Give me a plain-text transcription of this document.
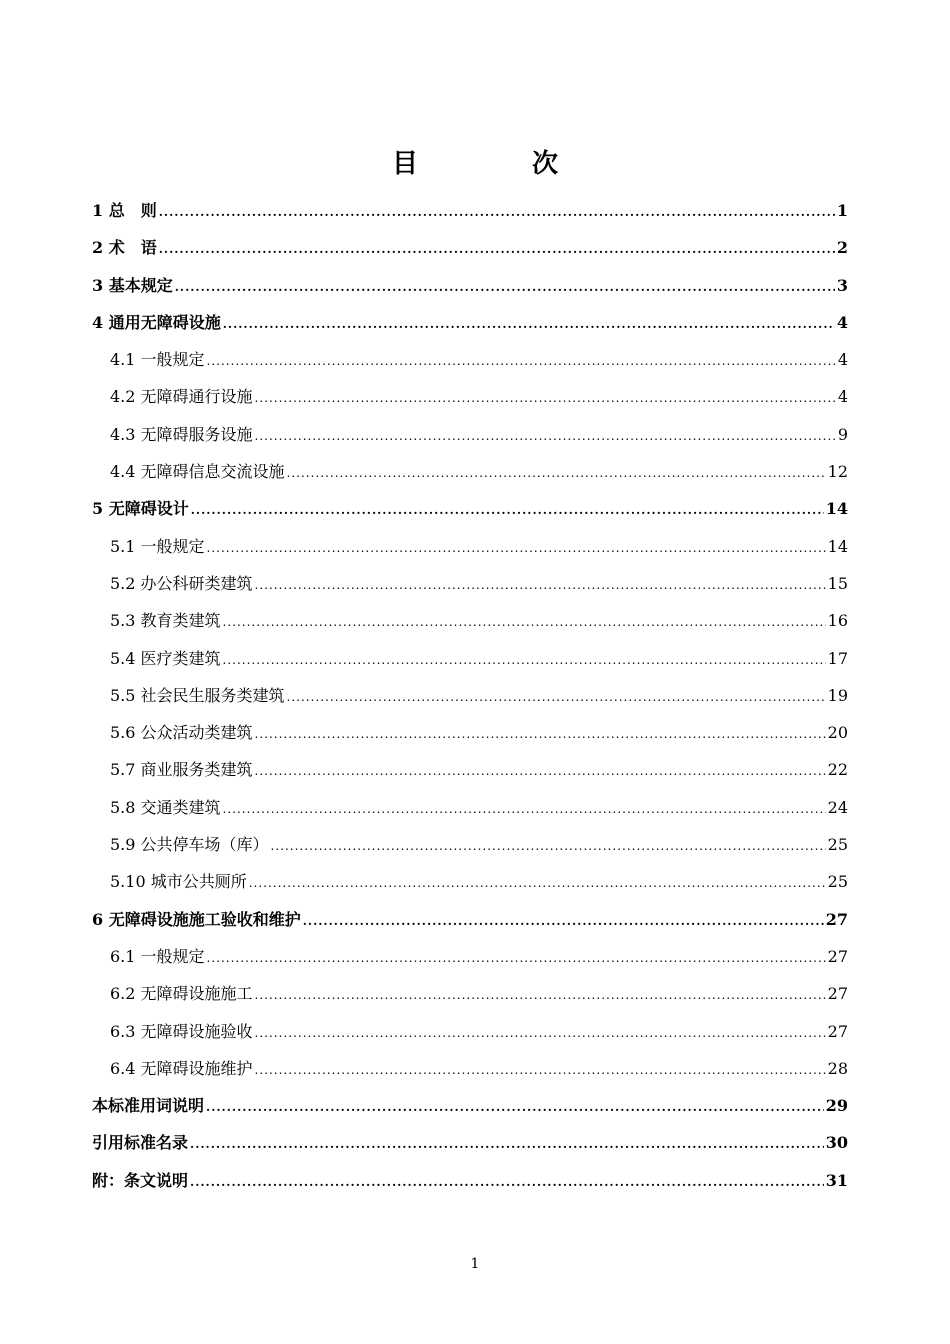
目　次
1 总　则 .....	1
2 术　语 .....	2
3 基本规定 .....	3
4 通用无障碍设施 .....	4
4.1 一般规定 .....	4
4.2 无障碍通行设施 .....	4
4.3 无障碍服务设施 .....	9
4.4 无障碍信息交流设施 .....	12
5 无障碍设计 .....	14
5.1 一般规定 .....	14
5.2 办公科研类建筑 .....	15
5.3 教育类建筑 .....	16
5.4 医疗类建筑 .....	17
5.5 社会民生服务类建筑 .....	19
5.6 公众活动类建筑 .....	20
5.7 商业服务类建筑 .....	22
5.8 交通类建筑 .....	24
5.9 公共停车场（库） .....	25
5.10 城市公共厕所 .....	25
6 无障碍设施施工验收和维护 .....	27
6.1 一般规定 .....	27
6.2 无障碍设施施工 .....	27
6.3 无障碍设施验收 .....	27
6.4 无障碍设施维护 .....	28
本标准用词说明 .....	29
引用标准名录 .....	30
附：条文说明 .....	31
1
